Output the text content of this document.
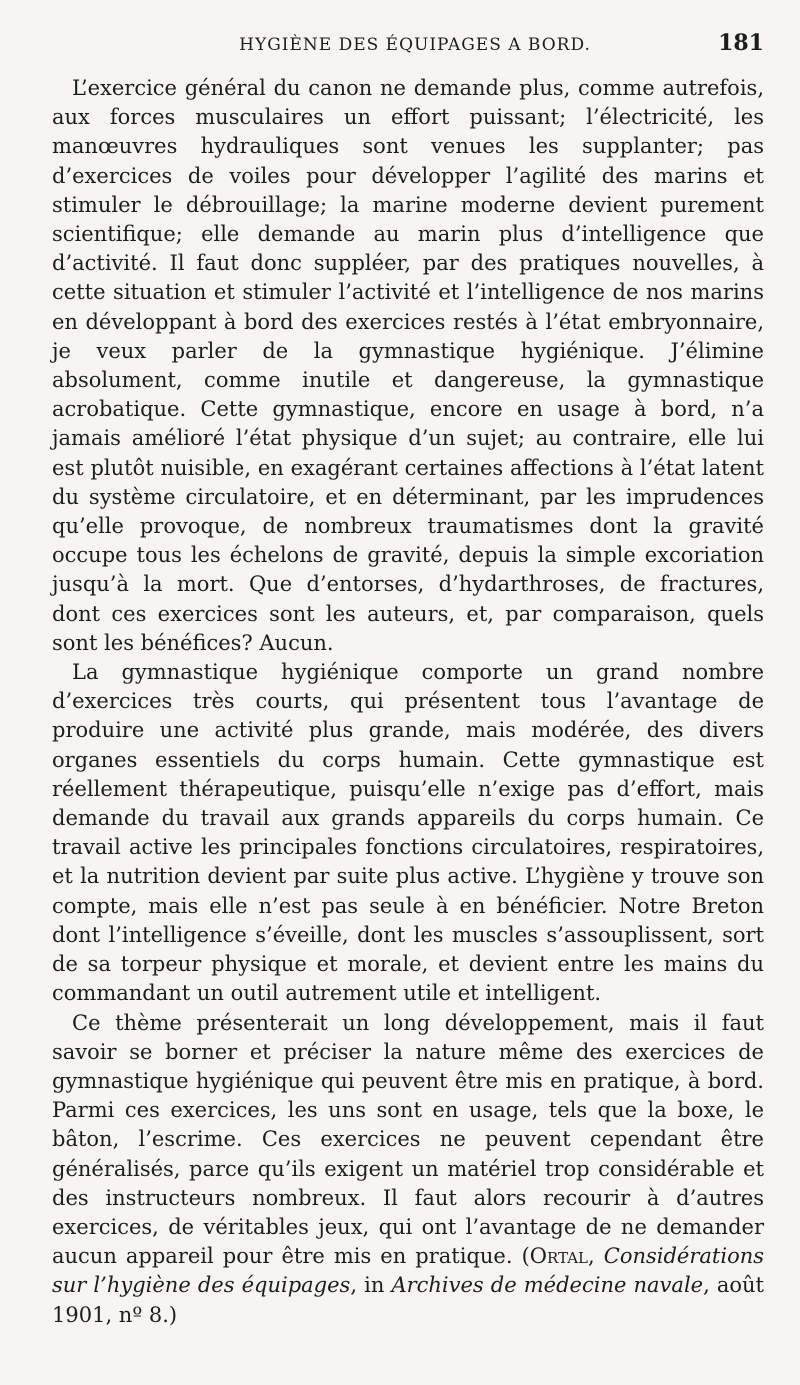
HYGIÈNE DES ÉQUIPAGES A BORD.	181

L’exercice général du canon ne demande plus, comme autrefois, aux forces musculaires un effort puissant; l’électricité, les manœuvres hydrauliques sont venues les supplanter; pas d’exercices de voiles pour développer l’agilité des marins et stimuler le débrouillage; la marine moderne devient purement scientifique; elle demande au marin plus d’intelligence que d’activité. Il faut donc suppléer, par des pratiques nouvelles, à cette situation et stimuler l’activité et l’intelligence de nos marins en développant à bord des exercices restés à l’état embryonnaire, je veux parler de la gymnastique hygiénique. J’élimine absolument, comme inutile et dangereuse, la gymnastique acrobatique. Cette gymnastique, encore en usage à bord, n’a jamais amélioré l’état physique d’un sujet; au contraire, elle lui est plutôt nuisible, en exagérant certaines affections à l’état latent du système circulatoire, et en déterminant, par les imprudences qu’elle provoque, de nombreux traumatismes dont la gravité occupe tous les échelons de gravité, depuis la simple excoriation jusqu’à la mort. Que d’entorses, d’hydarthroses, de fractures, dont ces exercices sont les auteurs, et, par comparaison, quels sont les bénéfices? Aucun.

La gymnastique hygiénique comporte un grand nombre d’exercices très courts, qui présentent tous l’avantage de produire une activité plus grande, mais modérée, des divers organes essentiels du corps humain. Cette gymnastique est réellement thérapeutique, puisqu’elle n’exige pas d’effort, mais demande du travail aux grands appareils du corps humain. Ce travail active les principales fonctions circulatoires, respiratoires, et la nutrition devient par suite plus active. L’hygiène y trouve son compte, mais elle n’est pas seule à en bénéficier. Notre Breton dont l’intelligence s’éveille, dont les muscles s’assouplissent, sort de sa torpeur physique et morale, et devient entre les mains du commandant un outil autrement utile et intelligent.

Ce thème présenterait un long développement, mais il faut savoir se borner et préciser la nature même des exercices de gymnastique hygiénique qui peuvent être mis en pratique, à bord. Parmi ces exercices, les uns sont en usage, tels que la boxe, le bâton, l’escrime. Ces exercices ne peuvent cependant être généralisés, parce qu’ils exigent un matériel trop considérable et des instructeurs nombreux. Il faut alors recourir à d’autres exercices, de véritables jeux, qui ont l’avantage de ne demander aucun appareil pour être mis en pratique. (Ortal, Considérations sur l’hygiène des équipages, in Archives de médecine navale, août 1901, nº 8.)
